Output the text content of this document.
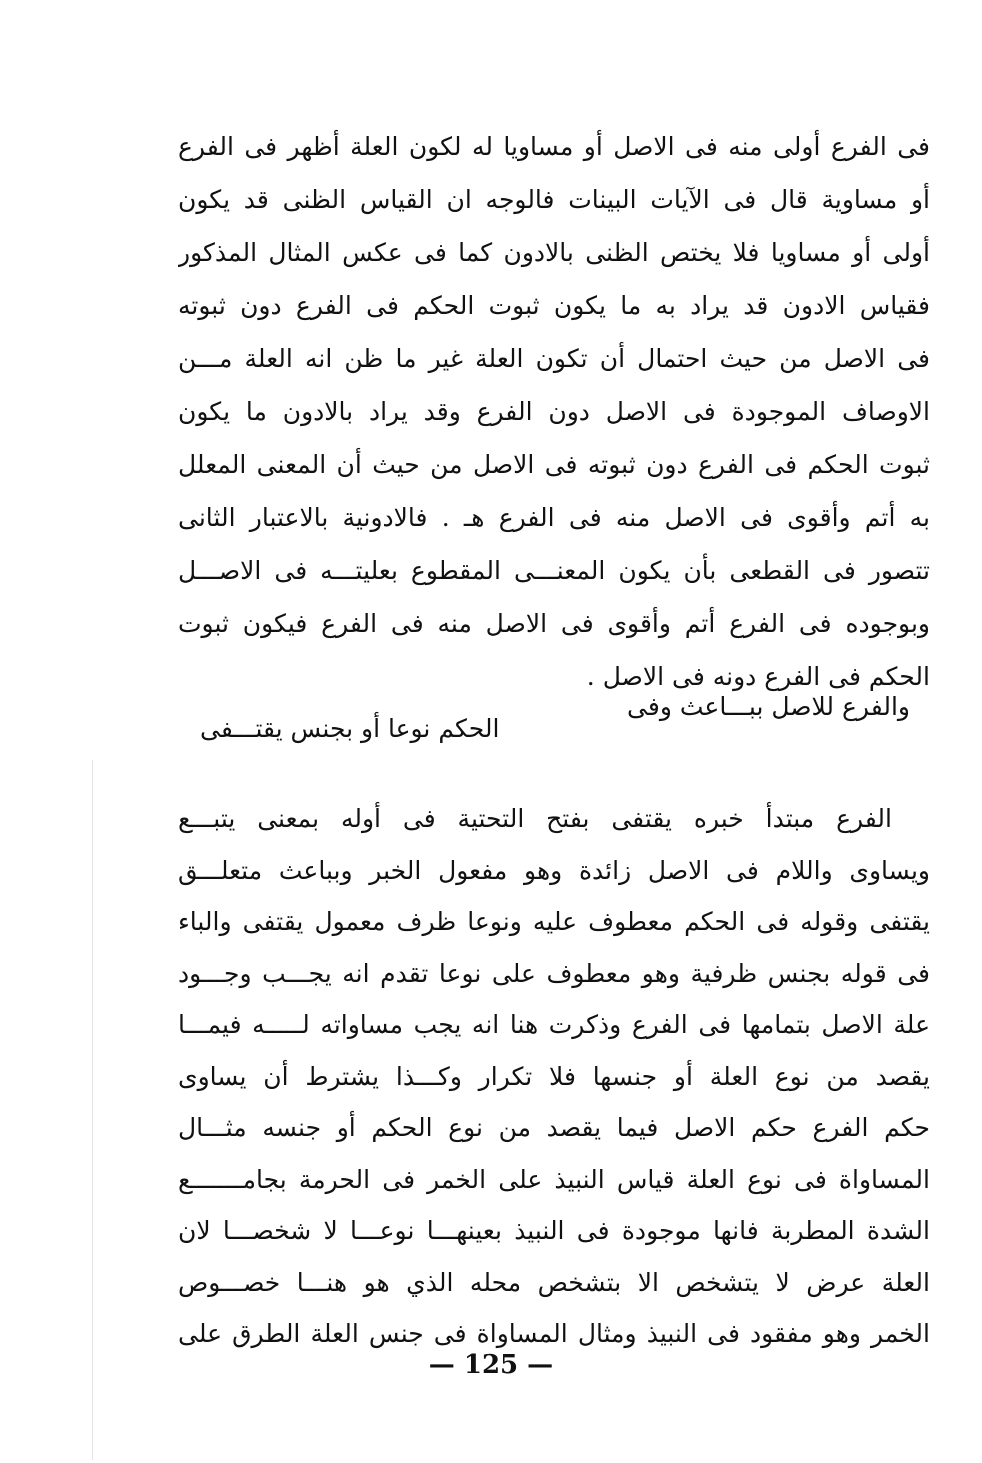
فى الفرع أولى منه فى الاصل أو مساويا له لكون العلة أظهر فى الفرع
أو مساوية قال فى الآيات البينات فالوجه ان القياس الظنى قد يكون
أولى أو مساويا فلا يختص الظنى بالادون كما فى عكس المثال المذكور
فقياس الادون قد يراد به ما يكون ثبوت الحكم فى الفرع دون ثبوته
فى الاصل من حيث احتمال أن تكون العلة غير ما ظن انه العلة مـــن
الاوصاف الموجودة فى الاصل دون الفرع وقد يراد بالادون ما يكون
ثبوت الحكم فى الفرع دون ثبوته فى الاصل من حيث أن المعنى المعلل
به أتم وأقوى فى الاصل منه فى الفرع هـ . فالادونية بالاعتبار الثانى
تتصور فى القطعى بأن يكون المعنـــى المقطوع بعليتـــه فى الاصـــل
وبوجوده فى الفرع أتم وأقوى فى الاصل منه فى الفرع فيكون ثبوت
الحكم فى الفرع دونه فى الاصل .
والفرع للاصل ببـــاعث وفى
الحكم نوعا أو بجنس يقتـــفى
الفرع مبتدأ خبره يقتفى بفتح التحتية فى أوله بمعنى يتبـــع
ويساوى واللام فى الاصل زائدة وهو مفعول الخبر وبباعث متعلـــق
يقتفى وقوله فى الحكم معطوف عليه ونوعا ظرف معمول يقتفى والباء
فى قوله بجنس ظرفية وهو معطوف على نوعا تقدم انه يجـــب وجـــود
علة الاصل بتمامها فى الفرع وذكرت هنا انه يجب مساواته لـــــه فيمـــا
يقصد من نوع العلة أو جنسها فلا تكرار وكـــذا يشترط أن يساوى
حكم الفرع حكم الاصل فيما يقصد من نوع الحكم أو جنسه مثـــال
المساواة فى نوع العلة قياس النبيذ على الخمر فى الحرمة بجامـــــــع
الشدة المطربة فانها موجودة فى النبيذ بعينهـــا نوعـــا لا شخصـــا لان
العلة عرض لا يتشخص الا بتشخص محله الذي هو هنـــا خصـــوص
الخمر وهو مفقود فى النبيذ ومثال المساواة فى جنس العلة الطرق على
— 125 —
